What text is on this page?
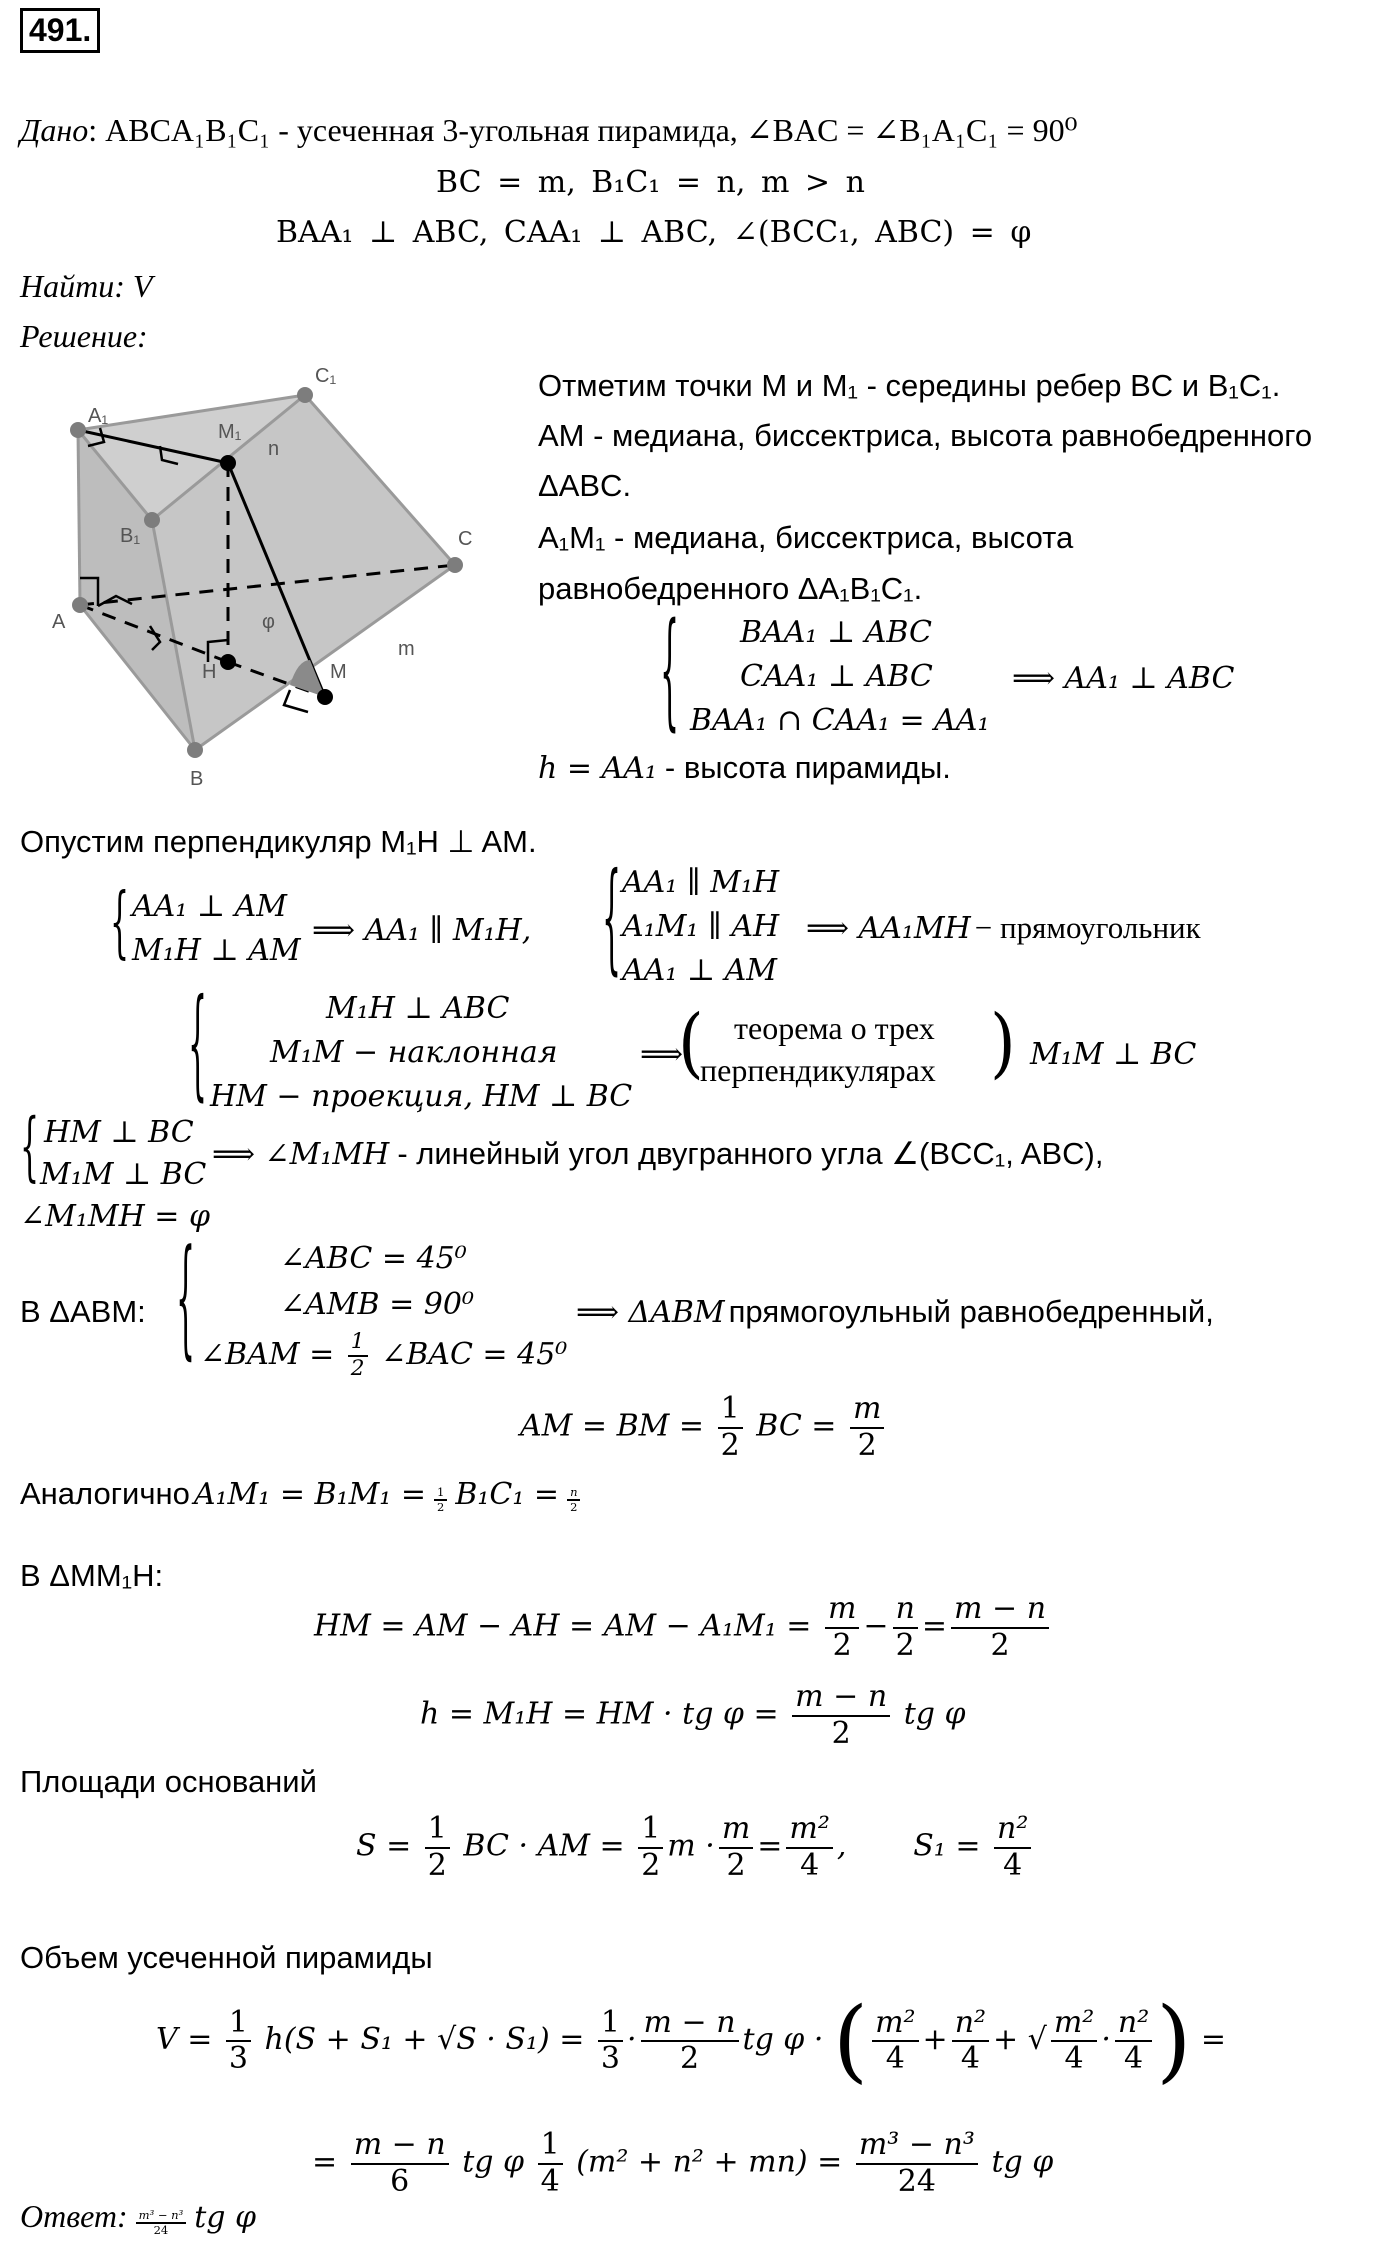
491.
Дано: ABCA₁B₁C₁ - усеченная 3-угольная пирамида, ∠BAC = ∠B₁A₁C₁ = 90⁰
BC = m, B₁C₁ = n, m > n
BAA₁ ⊥ ABC, CAA₁ ⊥ ABC, ∠(BCC₁, ABC) = φ
Найти: V
Решение:
A₁
C₁
M₁
n
B₁	C
A
H
φ
M
m
B
Отметим точки M и M₁ - середины ребер BC и B₁C₁.
AM - медиана, биссектриса, высота равнобедренного
ΔABC.
A₁M₁ - медиана, биссектриса, высота
равнобедренного ΔA₁B₁C₁.
{ BAA₁ ⊥ ABC
CAA₁ ⊥ ABC
BAA₁ ∩ CAA₁ = AA₁
⟹ AA₁ ⊥ ABC
h = AA₁ - высота пирамиды.
Опустим перпендикуляр M₁H ⊥ AM.
{ AA₁ ⊥ AM
M₁H ⊥ AM
⟹ AA₁ ∥ M₁H, { AA₁ ∥ M₁H
A₁M₁ ∥ AH
AA₁ ⊥ AM
⟹ AA₁MH − прямоугольник
{	M₁H ⊥ ABC
M₁M − наклонная
HM − проекция, HM ⊥ BC
⟹
( теорема о трех
перпендикулярах ) M₁M ⊥ BC
{ HM ⊥ BC
M₁M ⊥ BC
⟹ ∠M₁MH - линейный угол двугранного угла ∠(BCC₁, ABC),
∠M₁MH = φ
В ΔABM: {	∠ABC = 45⁰
∠AMB = 90⁰
∠BAM = $\frac{1}{2}$ ∠BAC = 45⁰
⟹ ΔABM прямогоульный равнобедренный,
AM = BM = $\frac{1}{2}$ BC = $\frac{m}{2}$
Аналогично $A_1M_1 = B_1M_1 = \frac{1}{2} B_1C_1 = \frac{n}{2}$
В ΔMM₁H:
HM = AM − AH = AM − $A_1M_1 = \frac{m}{2} - \frac{n}{2} = \frac{m - n}{2}$
h = M₁H = HM · tg $\varphi = \frac{m - n}{2}$ tg φ
Площади оснований
$S = \frac{1}{2}$ BC · AM = $\frac{1}{2}$ $m \cdot \frac{m}{2} = \frac{\text{m²}}{4}$ ,       $S_1 = \frac{\text{n²}}{4}$
Объем усеченной пирамиды
$V = \frac{1}{3} h(S + S_1 + √S \cdot S_1) = \frac{1}{3} \cdot \frac{m - n}{2}$ tg φ · ( $\frac{\text{m²}}{4} + \frac{\text{n²}}{4}$ + √ $\frac{\text{m²}}{4} \cdot \frac{\text{n²}}{4}$ ) =
= $\frac{m - n}{6}$ tg φ $\frac{1}{4} (m^2 + n^2 + mn) = \frac{\text{m³ − n³}}{24}$ tg φ
Ответ: $\frac{\text{m³ − n³}}{24}$ tg φ
